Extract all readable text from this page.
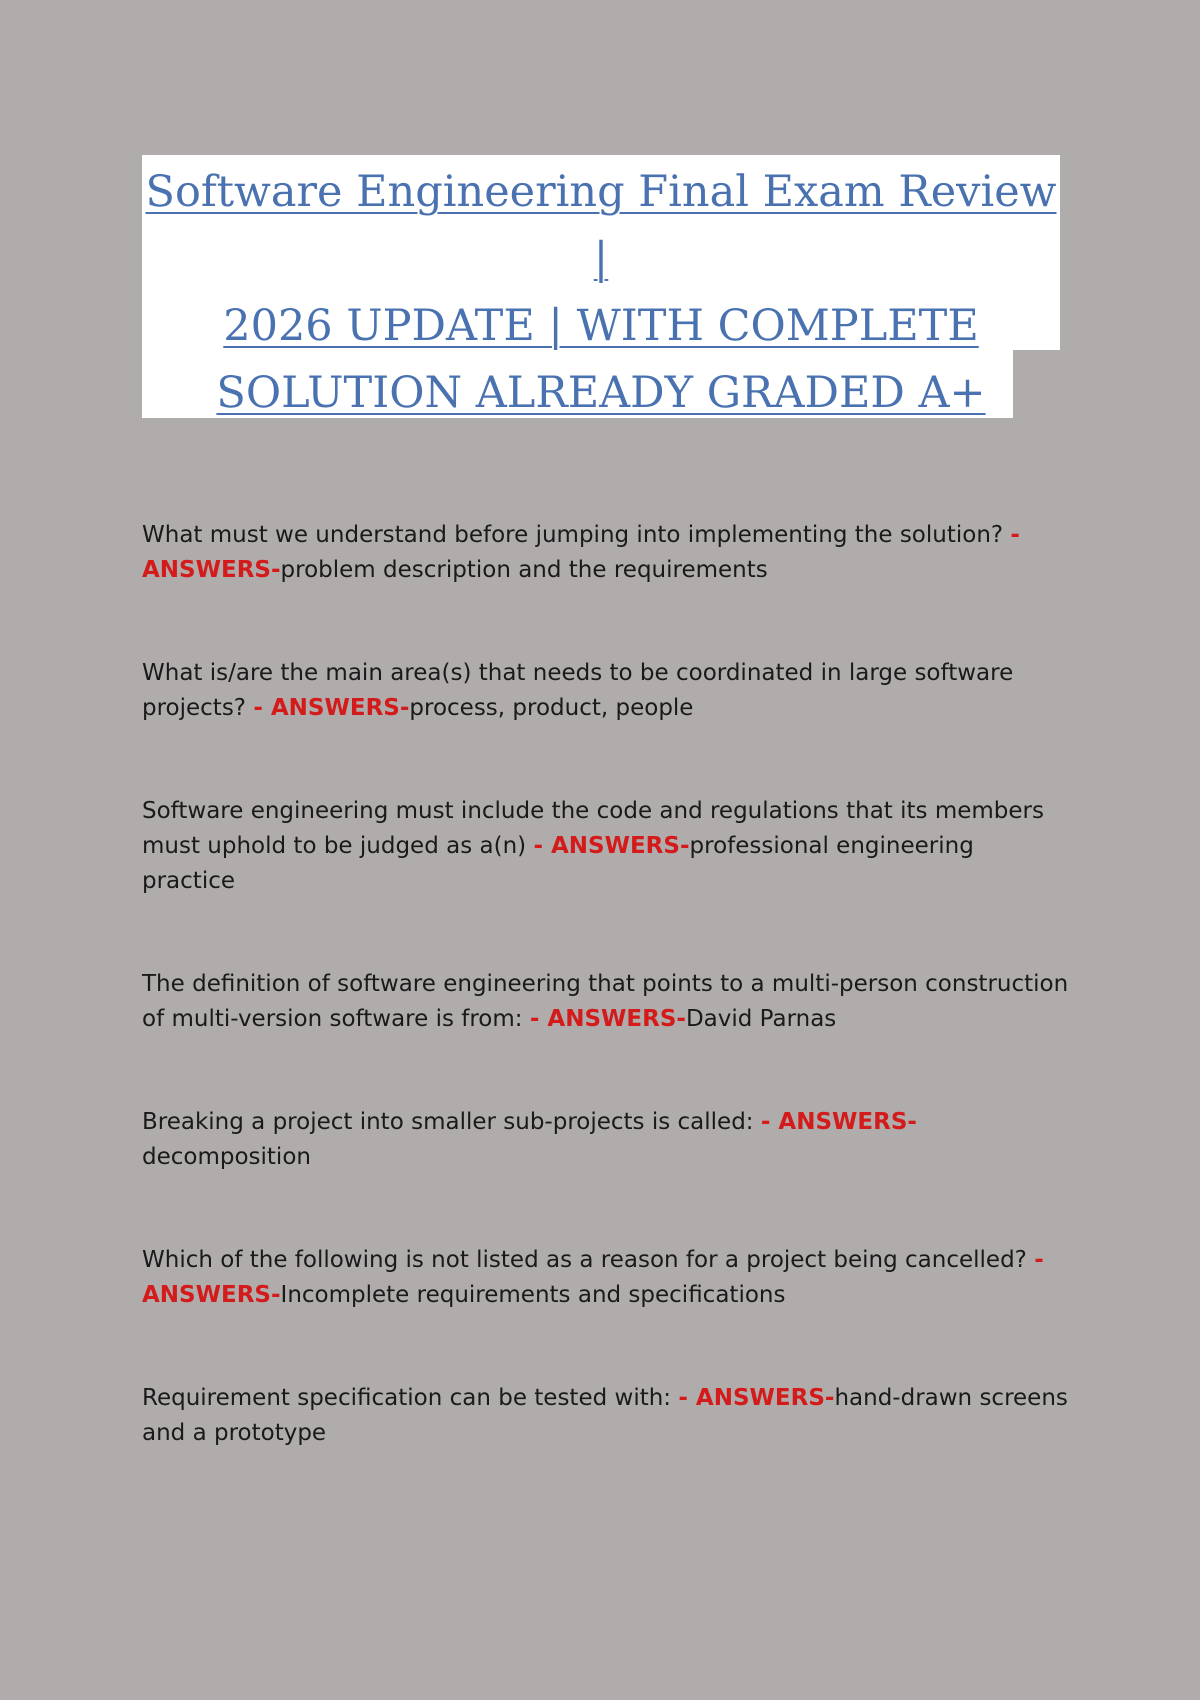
Software Engineering Final Exam Review |
2026 UPDATE | WITH COMPLETE
SOLUTION ALREADY GRADED A+

What must we understand before jumping into implementing the solution? - ANSWERS-problem description and the requirements

What is/are the main area(s) that needs to be coordinated in large software projects? - ANSWERS-process, product, people

Software engineering must include the code and regulations that its members must uphold to be judged as a(n) - ANSWERS-professional engineering practice

The definition of software engineering that points to a multi-person construction of multi-version software is from: - ANSWERS-David Parnas

Breaking a project into smaller sub-projects is called: - ANSWERS-decomposition

Which of the following is not listed as a reason for a project being cancelled? - ANSWERS-Incomplete requirements and specifications

Requirement specification can be tested with: - ANSWERS-hand-drawn screens and a prototype
